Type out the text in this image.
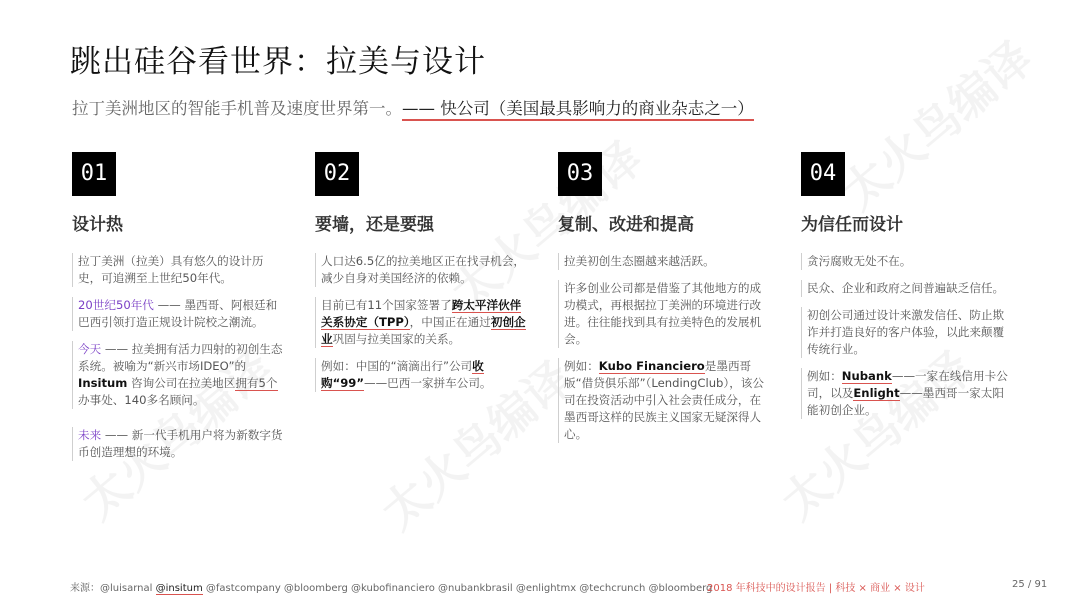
跳出硅谷看世界：拉美与设计
拉丁美洲地区的智能手机普及速度世界第一。—— 快公司（美国最具影响力的商业杂志之一）
01
设计热
拉丁美洲（拉美）具有悠久的设计历史，可追溯至上世纪50年代。
20世纪50年代 —— 墨西哥、阿根廷和巴西引领打造正规设计院校之潮流。
今天 —— 拉美拥有活力四射的初创生态系统。被喻为“新兴市场IDEO”的 Insitum 咨询公司在拉美地区拥有5个办事处、140多名顾问。
未来 —— 新一代手机用户将为新数字货币创造理想的环境。
02
要墙，还是要强
人口达6.5亿的拉美地区正在找寻机会，减少自身对美国经济的依赖。
目前已有11个国家签署了跨太平洋伙伴关系协定（TPP），中国正在通过初创企业巩固与拉美国家的关系。
例如：中国的“滴滴出行”公司收购“99”——巴西一家拼车公司。
03
复制、改进和提高
拉美初创生态圈越来越活跃。
许多创业公司都是借鉴了其他地方的成功模式，再根据拉丁美洲的环境进行改进。往往能找到具有拉美特色的发展机会。
例如：Kubo Financiero是墨西哥版“借贷俱乐部”（LendingClub），该公司在投资活动中引入社会责任成分，在墨西哥这样的民族主义国家无疑深得人心。
04
为信任而设计
贪污腐败无处不在。
民众、企业和政府之间普遍缺乏信任。
初创公司通过设计来激发信任、防止欺诈并打造良好的客户体验，以此来颠覆传统行业。
例如：Nubank——一家在线信用卡公司，以及Enlight——墨西哥一家太阳能初创企业。
来源：@luisarnal @insitum @fastcompany @bloomberg @kubofinanciero @nubankbrasil @enlightmx @techcrunch @bloomberg
2018 年科技中的设计报告 | 科技 × 商业 × 设计	25 / 91
